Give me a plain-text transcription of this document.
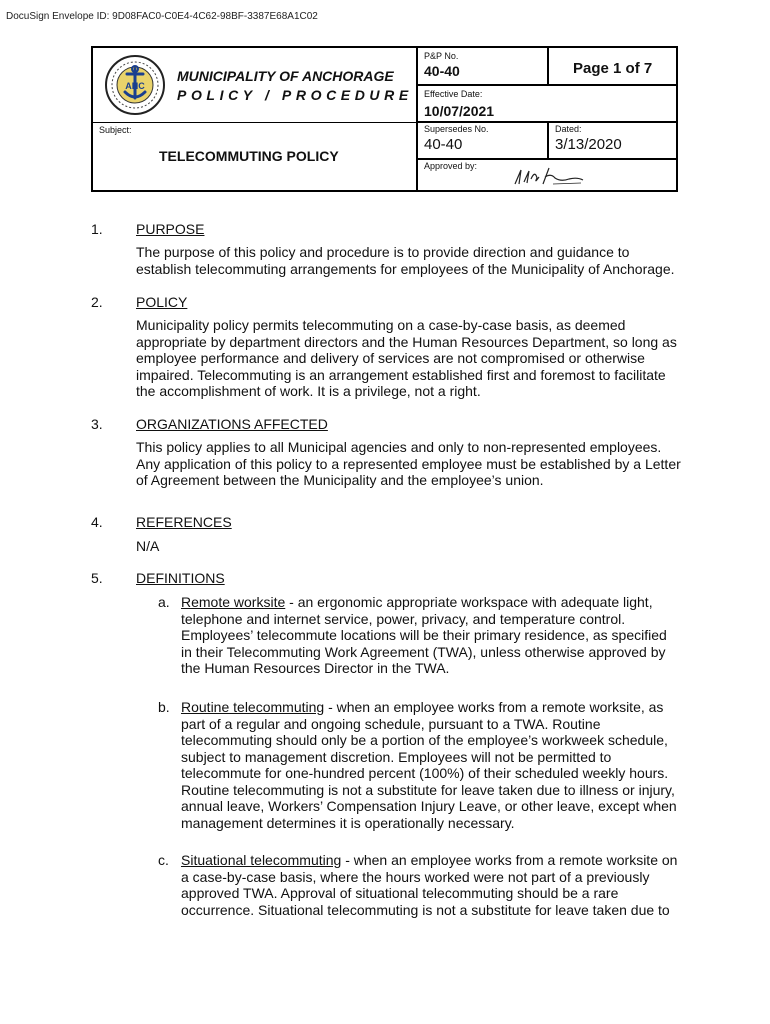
DocuSign Envelope ID: 9D08FAC0-C0E4-4C62-98BF-3387E68A1C02
ANC
MUNICIPALITY OF ANCHORAGE
POLICY / PROCEDURE
Subject:
TELECOMMUTING POLICY
P&P No.
40-40	Page 1 of 7
Effective Date:
10/07/2021
Supersedes No.
40-40
Dated:
3/13/2020
Approved by:
1. PURPOSE
The purpose of this policy and procedure is to provide direction and guidance to establish telecommuting arrangements for employees of the Municipality of Anchorage.
2. POLICY
Municipality policy permits telecommuting on a case-by-case basis, as deemed appropriate by department directors and the Human Resources Department, so long as employee performance and delivery of services are not compromised or otherwise impaired. Telecommuting is an arrangement established first and foremost to facilitate the accomplishment of work. It is a privilege, not a right.
3. ORGANIZATIONS AFFECTED
This policy applies to all Municipal agencies and only to non-represented employees. Any application of this policy to a represented employee must be established by a Letter of Agreement between the Municipality and the employee’s union.
4. REFERENCES
N/A
5. DEFINITIONS
a. Remote worksite - an ergonomic appropriate workspace with adequate light, telephone and internet service, power, privacy, and temperature control. Employees’ telecommute locations will be their primary residence, as specified in their Telecommuting Work Agreement (TWA), unless otherwise approved by the Human Resources Director in the TWA.
b. Routine telecommuting - when an employee works from a remote worksite, as part of a regular and ongoing schedule, pursuant to a TWA. Routine telecommuting should only be a portion of the employee’s workweek schedule, subject to management discretion. Employees will not be permitted to telecommute for one-hundred percent (100%) of their scheduled weekly hours. Routine telecommuting is not a substitute for leave taken due to illness or injury, annual leave, Workers’ Compensation Injury Leave, or other leave, except when management determines it is operationally necessary.
c. Situational telecommuting - when an employee works from a remote worksite on a case-by-case basis, where the hours worked were not part of a previously approved TWA. Approval of situational telecommuting should be a rare occurrence. Situational telecommuting is not a substitute for leave taken due to
